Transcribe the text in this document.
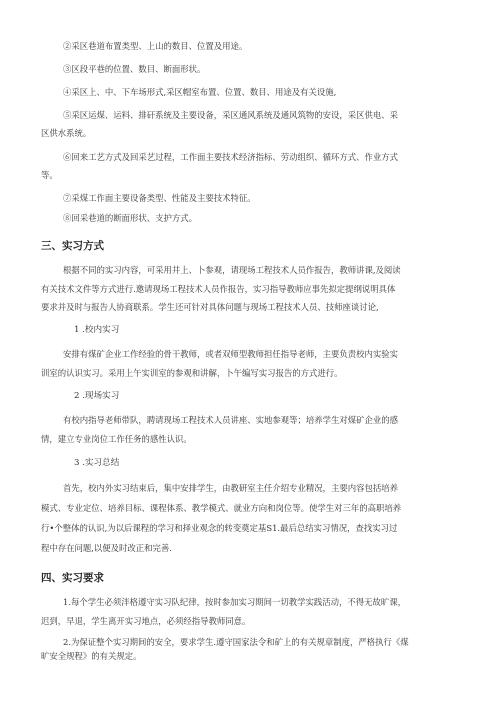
②采区巷道布置类型、上山的数目、位置及用途。
③区段平巷的位置、数目、断面形状。
④采区上、中、下车场形式,采区帽室布置、位置、数目、用途及有关设施,
⑤采区运煤、运料、排矸系统及主要设备，采区通风系统及通风筑物的安设，采区供电、采
区供水系统。
⑥回来工艺方式及回采艺过程，工作面主要技术经济指标、劳动组织、循环方式、作业方式
等。
⑦采煤工作面主要设备类型、性能及主要技术特征。
⑧回采巷道的断面形状、支护方式。
三、实习方式
根据不同的实习内容，可采用井上、卜参观，请现场工程技术人员作报告，教师讲课,及阅读
有关技术文件等方式进行.邀请现场工程技术人员作报告，实习指导教师应事先拟定提纲说明具体
要求并及时与报告人协商联系。学生还可针对具体问题与现场工程技术人员、技师座谈讨论,
1 .校内实习
安排有煤矿企业工作经验的骨干教师，或者双师型教师担任指导老师，主要负责校内实验实
训室的认识实习。采用上午实训室的参观和讲解，卜午编写实习报告的方式进行。
2 .现场实习
有校内指导老师带队，聘请现场工程技术人员讲座、实地参观等；培养学生对煤矿企业的感
情，建立专业岗位工作任务的感性认识。
3 .实习总结
首先，校内外实习结束后，集中安排学生，由教研室主任介绍专业精况，主要内容包括培养
模式、专业定位、培养目标、课程体系、教学模式、就业方向和岗位等。使学生对三年的高职培养
行•个整体的认识,为以后课程的学习和择业观念的转变奠定基S1.最后总结实习情况，查找实习过
程中存在问题,以便及时改正和完善.
四、实习要求
1.每个学生必须泮格遵守实习队纪律，按时参加实习期间一切教学实践活动，不得无故旷课，
迟到，早退，学生离开实习地点，必须经指导教师同意。
2.为保证整个实习期间的安全，要求学生.遵守国家法令和矿上的有关规章制度，严格执行《煤
旷安全规程》的有关规定。
